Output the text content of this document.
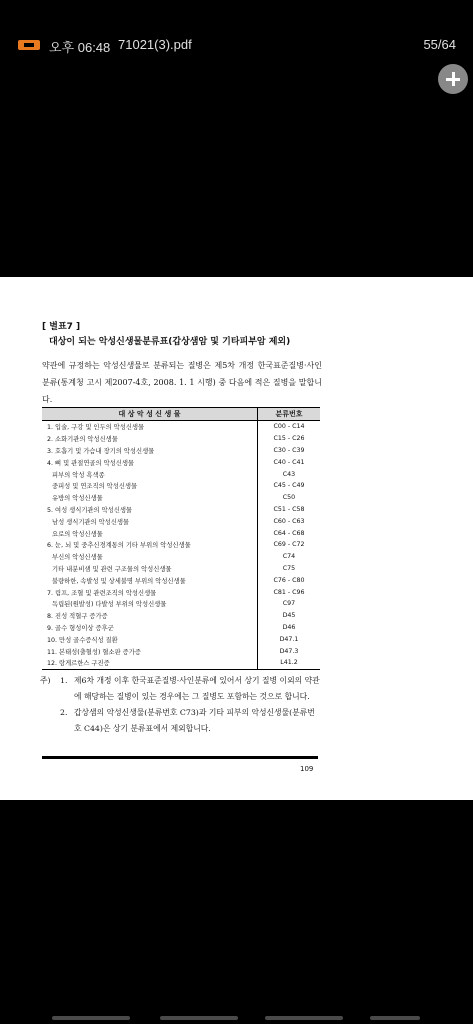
오후 06:48 71021(3).pdf	55/64
[ 별표7 ]
대상이 되는 악성신생물분류표(갑상샘암 및 기타피부암 제외)
약관에 규정하는 악성신생물로 분류되는 질병은 제5차 개정 한국표준질병·사인분류(통계청 고시 제2007-4호, 2008. 1. 1 시행) 중 다음에 적은 질병을 말합니다.
대 상 악 성 신 생 물	분류번호
1. 입술, 구강 및 인두의 악성신생물	C00 - C14
2. 소화기관의 악성신생물	C15 - C26
3. 호흡기 및 가슴내 장기의 악성신생물	C30 - C39
4. 뼈 및 관절연골의 악성신생물	C40 - C41
피부의 악성 흑색종	C43
중피성 및 연조직의 악성신생물	C45 - C49
유방의 악성신생물	C50
5. 여성 생식기관의 악성신생물	C51 - C58
남성 생식기관의 악성신생물	C60 - C63
요로의 악성신생물	C64 - C68
6. 눈, 뇌 및 중추신경계통의 기타 부위의 악성신생물	C69 - C72
부신의 악성신생물	C74
기타 내분비샘 및 관련 구조물의 악성신생물	C75
불량하한, 속발성 및 상세불명 부위의 악성신생물	C76 - C80
7. 림프, 조혈 및 관련조직의 악성신생물	C81 - C96
독립된(원발성) 다발성 부위의 악성신생물	C97
8. 진성 적혈구 증가증	D45
9. 골수 형성이상 증후군	D46
10. 만성 골수증식성 질환	D47.1
11. 본태성(출혈성) 혈소판 증가증	D47.3
12. 랑게르한스 구진증	L41.2
주) 1. 제6차 개정 이후 한국표준질병·사인분류에 있어서 상기 질병 이외의 약관에 해당하는 질병이 있는 경우에는 그 질병도 포함하는 것으로 합니다.
2. 갑상샘의 악성신생물(분류번호 C73)과 기타 피부의 악성신생물(분류번호 C44)은 상기 분류표에서 제외합니다.
109
